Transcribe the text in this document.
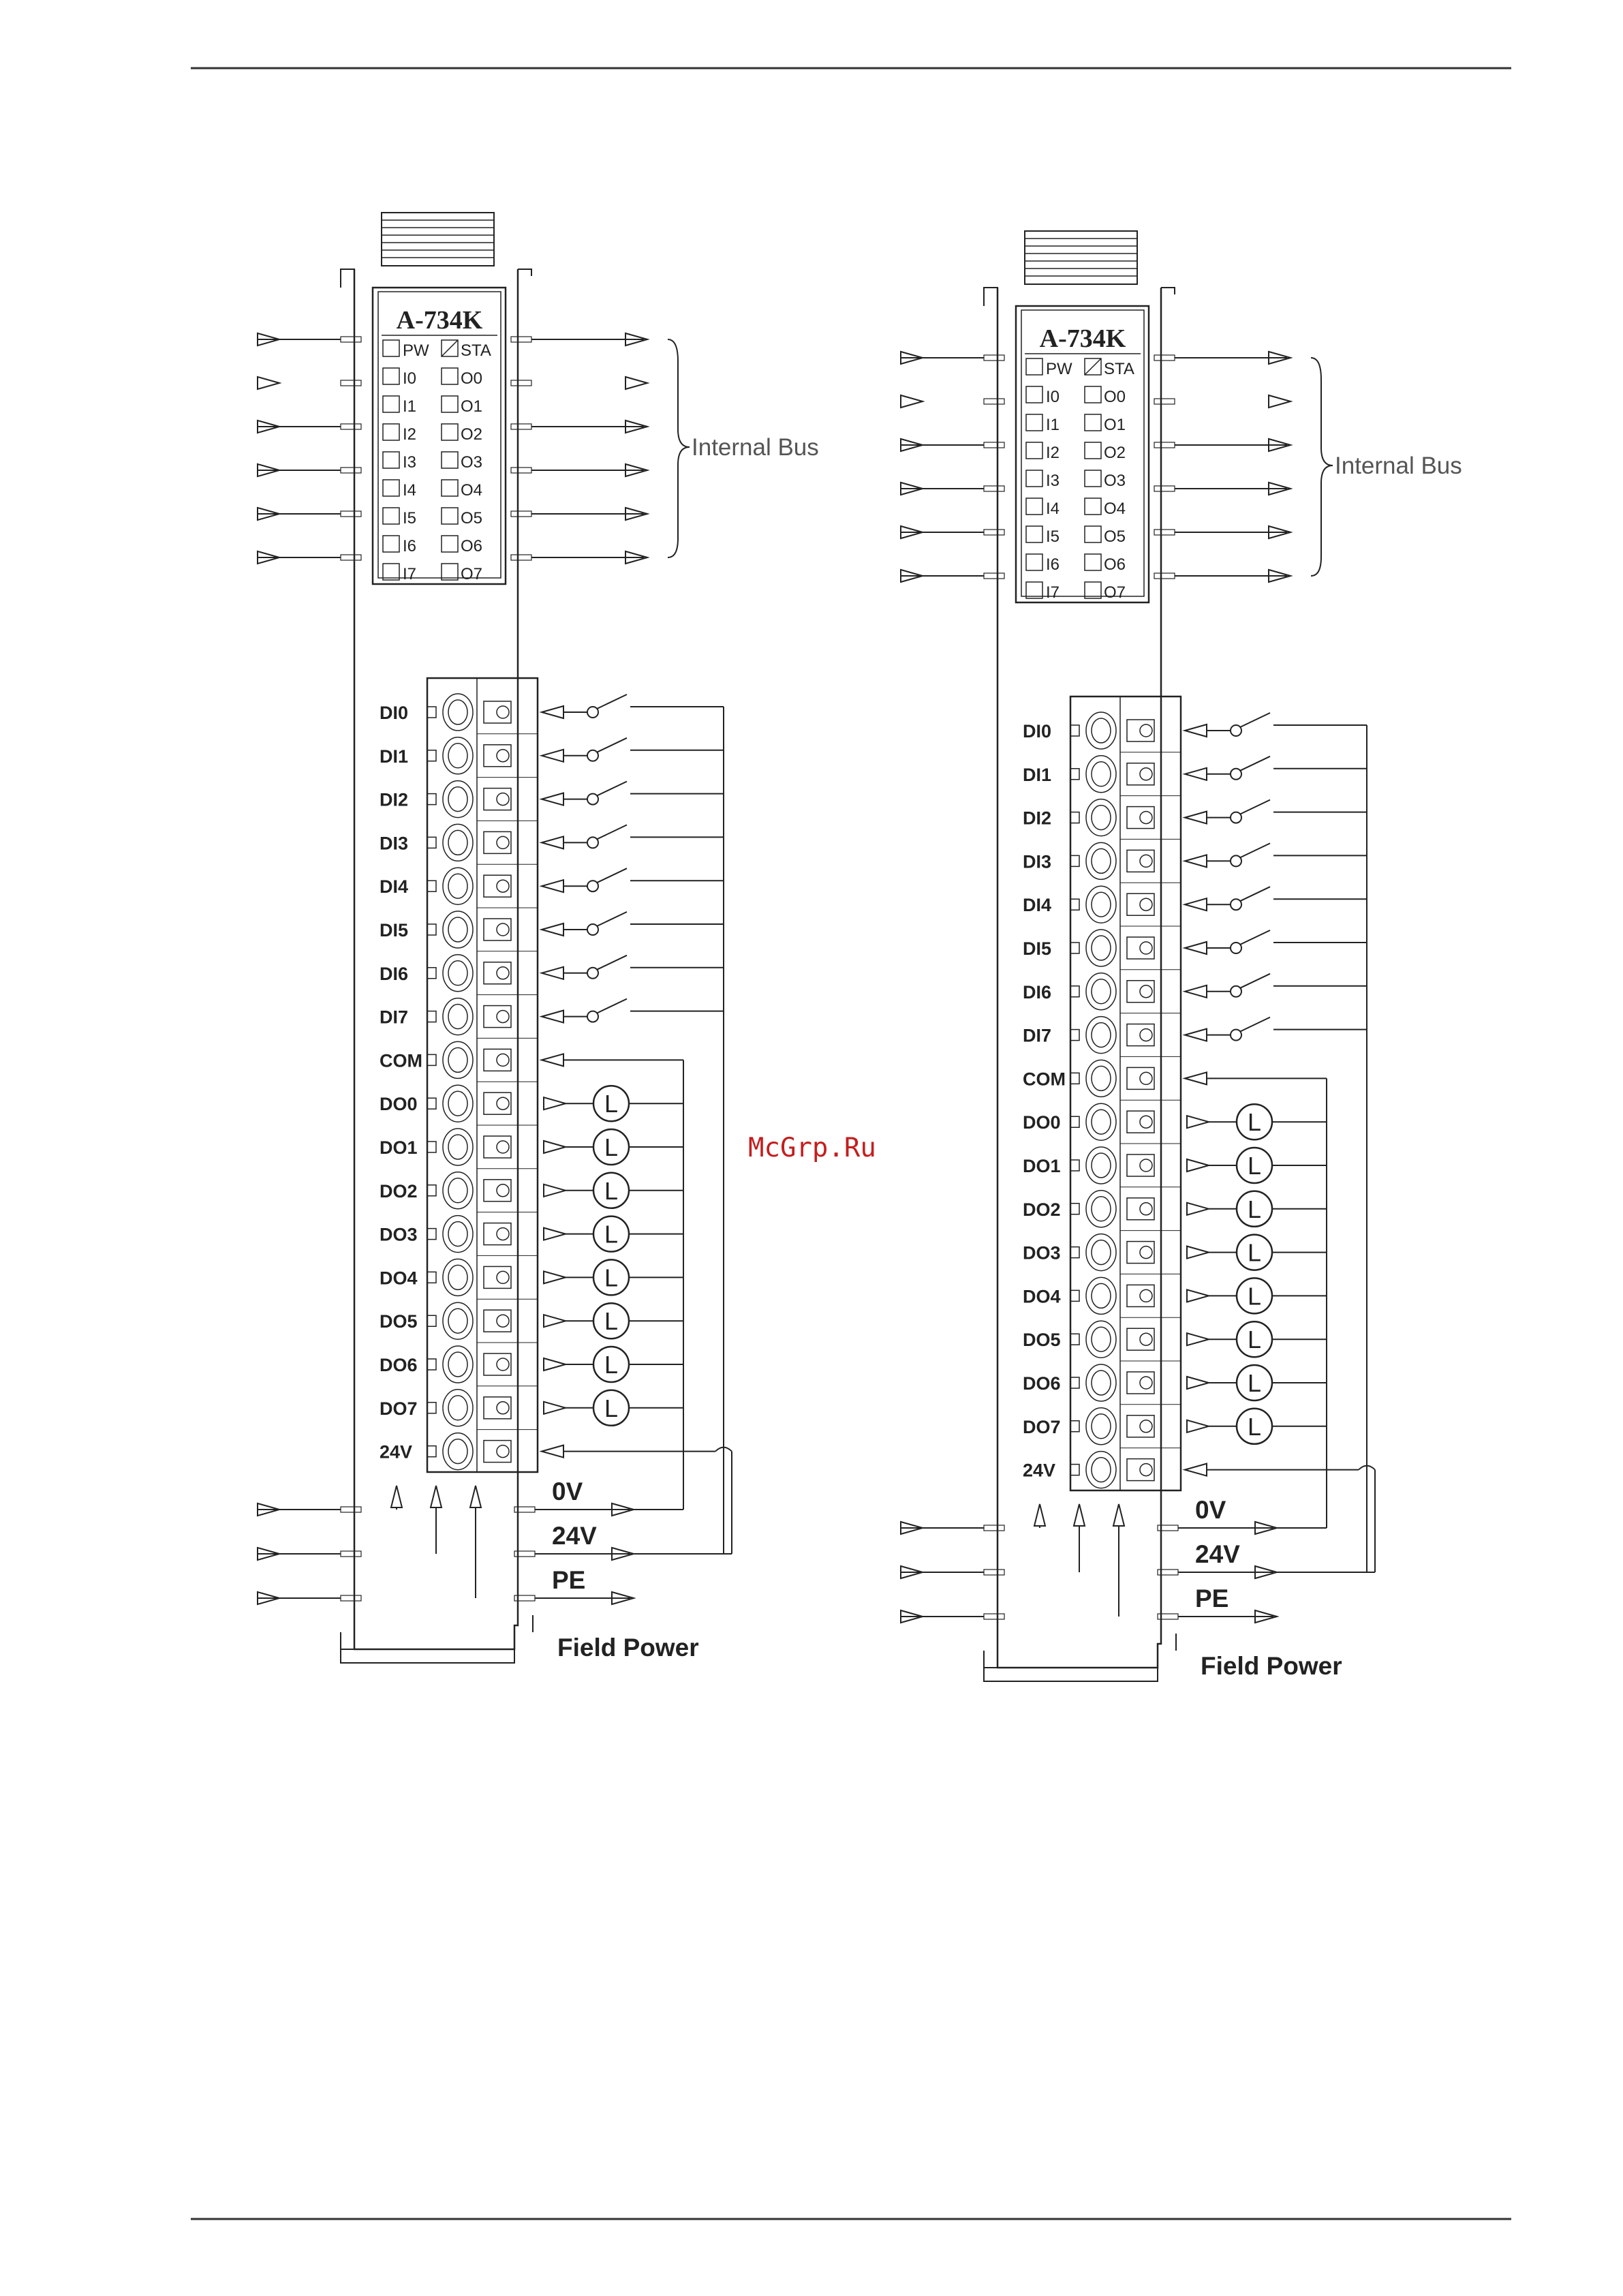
A-734K
PW STA
I0	O0
I1	O1
I2	O2
I3	O3
I4	O4
I5	O5
I6	O6
I7	O7
Internal Bus
DI0
DI1
DI2
DI3
DI4
DI5
DI6
DI7
COM
DO0
DO1
DO2
DO3
DO4
DO5
DO6
DO7
24V
L
L
L
L
L
L
L
L
0V
24V
PE
Field Power
A-734K
PW STA
I0	O0
I1	O1
I2	O2
I3	O3
I4	O4
I5	O5
I6	O6
I7	O7
Internal Bus
DI0
DI1
DI2
DI3
DI4
DI5
DI6
DI7
COM
DO0
DO1
DO2
DO3
DO4
DO5
DO6
DO7
24V
L
L
L
L
L
L
L
L
0V
24V
PE
Field Power
McGrp.Ru
